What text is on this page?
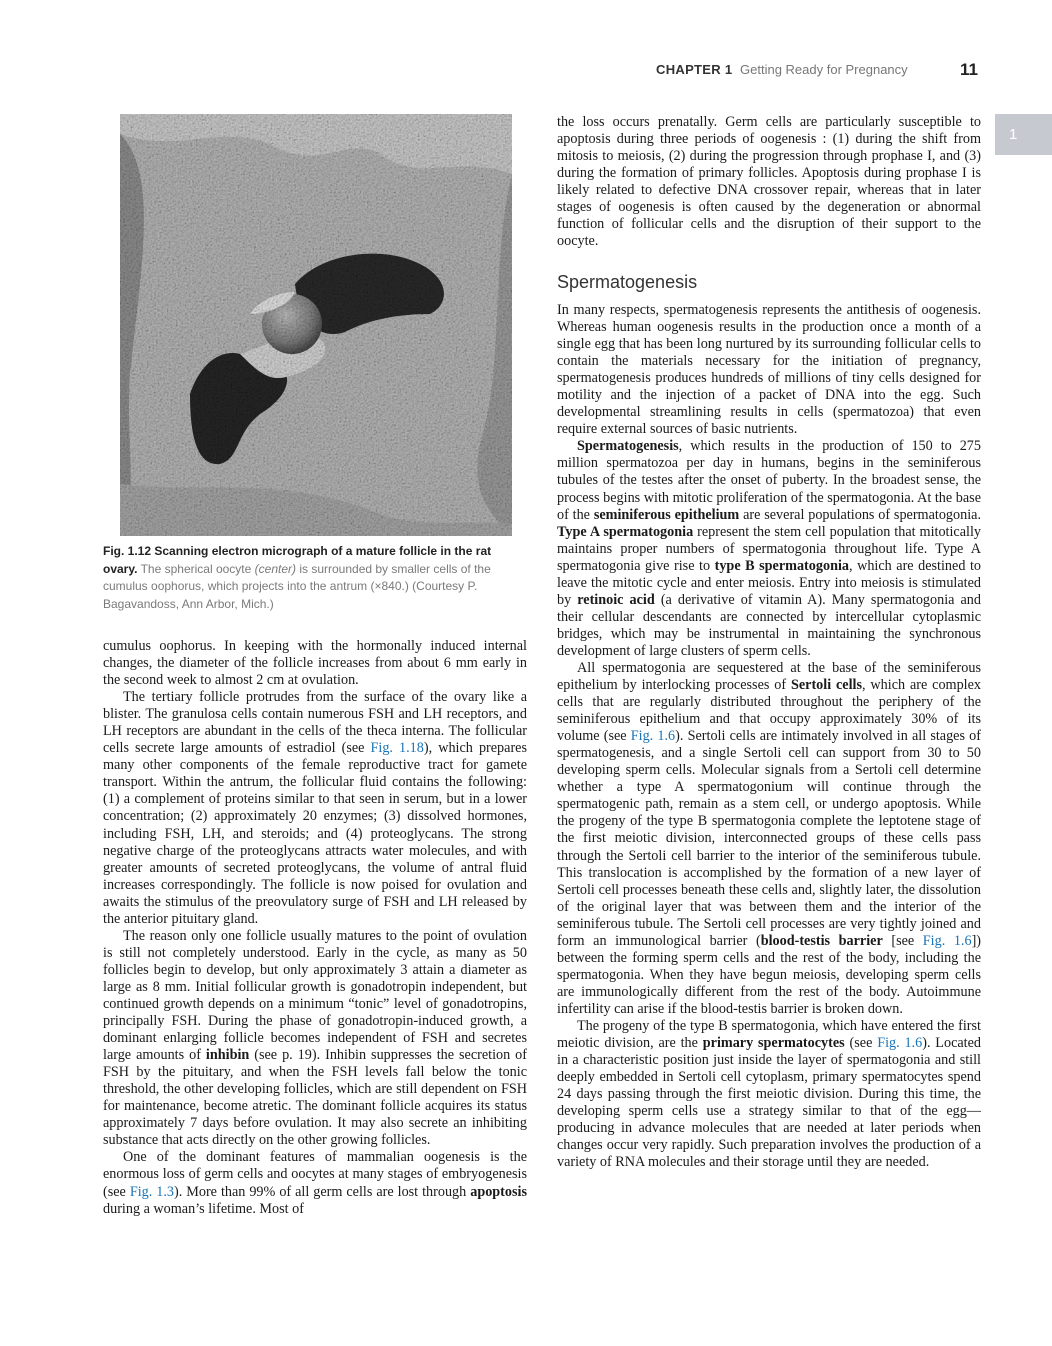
CHAPTER 1 Getting Ready for Pregnancy	11
1
Fig. 1.12 Scanning electron micrograph of a mature follicle in the rat ovary. The spherical oocyte (center) is surrounded by smaller cells of the cumulus oophorus, which projects into the antrum (×840.) (Courtesy P. Bagavandoss, Ann Arbor, Mich.)

cumulus oophorus. In keeping with the hormonally induced internal changes, the diameter of the follicle increases from about 6 mm early in the second week to almost 2 cm at ovulation.

The tertiary follicle protrudes from the surface of the ovary like a blister. The granulosa cells contain numerous FSH and LH receptors, and LH receptors are abundant in the cells of the theca interna. The follicular cells secrete large amounts of estradiol (see Fig. 1.18), which prepares many other components of the female reproductive tract for gamete transport. Within the antrum, the follicular fluid contains the following: (1) a complement of proteins similar to that seen in serum, but in a lower concentration; (2) approximately 20 enzymes; (3) dissolved hormones, including FSH, LH, and steroids; and (4) proteoglycans. The strong negative charge of the proteoglycans attracts water molecules, and with greater amounts of secreted proteoglycans, the volume of antral fluid increases correspondingly. The follicle is now poised for ovulation and awaits the stimulus of the preovulatory surge of FSH and LH released by the anterior pituitary gland.

The reason only one follicle usually matures to the point of ovulation is still not completely understood. Early in the cycle, as many as 50 follicles begin to develop, but only approximately 3 attain a diameter as large as 8 mm. Initial follicular growth is gonadotropin independent, but continued growth depends on a minimum “tonic” level of gonadotropins, principally FSH. During the phase of gonadotropin-induced growth, a dominant enlarging follicle becomes independent of FSH and secretes large amounts of inhibin (see p. 19). Inhibin suppresses the secretion of FSH by the pituitary, and when the FSH levels fall below the tonic threshold, the other developing follicles, which are still dependent on FSH for maintenance, become atretic. The dominant follicle acquires its status approximately 7 days before ovulation. It may also secrete an inhibiting substance that acts directly on the other growing follicles.

One of the dominant features of mammalian oogenesis is the enormous loss of germ cells and oocytes at many stages of embryogenesis (see Fig. 1.3). More than 99% of all germ cells are lost through apoptosis during a woman’s lifetime. Most of

the loss occurs prenatally. Germ cells are particularly susceptible to apoptosis during three periods of oogenesis : (1) during the shift from mitosis to meiosis, (2) during the progression through prophase I, and (3) during the formation of primary follicles. Apoptosis during prophase I is likely related to defective DNA crossover repair, whereas that in later stages of oogenesis is often caused by the degeneration or abnormal function of follicular cells and the disruption of their support to the oocyte.

Spermatogenesis

In many respects, spermatogenesis represents the antithesis of oogenesis. Whereas human oogenesis results in the production once a month of a single egg that has been long nurtured by its surrounding follicular cells to contain the materials necessary for the initiation of pregnancy, spermatogenesis produces hundreds of millions of tiny cells designed for motility and the injection of a packet of DNA into the egg. Such developmental streamlining results in cells (spermatozoa) that even require external sources of basic nutrients.

Spermatogenesis, which results in the production of 150 to 275 million spermatozoa per day in humans, begins in the seminiferous tubules of the testes after the onset of puberty. In the broadest sense, the process begins with mitotic proliferation of the spermatogonia. At the base of the seminiferous epithelium are several populations of spermatogonia. Type A spermatogonia represent the stem cell population that mitotically maintains proper numbers of spermatogonia throughout life. Type A spermatogonia give rise to type B spermatogonia, which are destined to leave the mitotic cycle and enter meiosis. Entry into meiosis is stimulated by retinoic acid (a derivative of vitamin A). Many spermatogonia and their cellular descendants are connected by intercellular cytoplasmic bridges, which may be instrumental in maintaining the synchronous development of large clusters of sperm cells.

All spermatogonia are sequestered at the base of the seminiferous epithelium by interlocking processes of Sertoli cells, which are complex cells that are regularly distributed throughout the periphery of the seminiferous epithelium and that occupy approximately 30% of its volume (see Fig. 1.6). Sertoli cells are intimately involved in all stages of spermatogenesis, and a single Sertoli cell can support from 30 to 50 developing sperm cells. Molecular signals from a Sertoli cell determine whether a type A spermatogonium will continue through the spermatogenic path, remain as a stem cell, or undergo apoptosis. While the progeny of the type B spermatogonia complete the leptotene stage of the first meiotic division, interconnected groups of these cells pass through the Sertoli cell barrier to the interior of the seminiferous tubule. This translocation is accomplished by the formation of a new layer of Sertoli cell processes beneath these cells and, slightly later, the dissolution of the original layer that was between them and the interior of the seminiferous tubule. The Sertoli cell processes are very tightly joined and form an immunological barrier (blood-testis barrier [see Fig. 1.6]) between the forming sperm cells and the rest of the body, including the spermatogonia. When they have begun meiosis, developing sperm cells are immunologically different from the rest of the body. Autoimmune infertility can arise if the blood-testis barrier is broken down.

The progeny of the type B spermatogonia, which have entered the first meiotic division, are the primary spermatocytes (see Fig. 1.6). Located in a characteristic position just inside the layer of spermatogonia and still deeply embedded in Sertoli cell cytoplasm, primary spermatocytes spend 24 days passing through the first meiotic division. During this time, the developing sperm cells use a strategy similar to that of the egg—producing in advance molecules that are needed at later periods when changes occur very rapidly. Such preparation involves the production of a variety of RNA molecules and their storage until they are needed.
